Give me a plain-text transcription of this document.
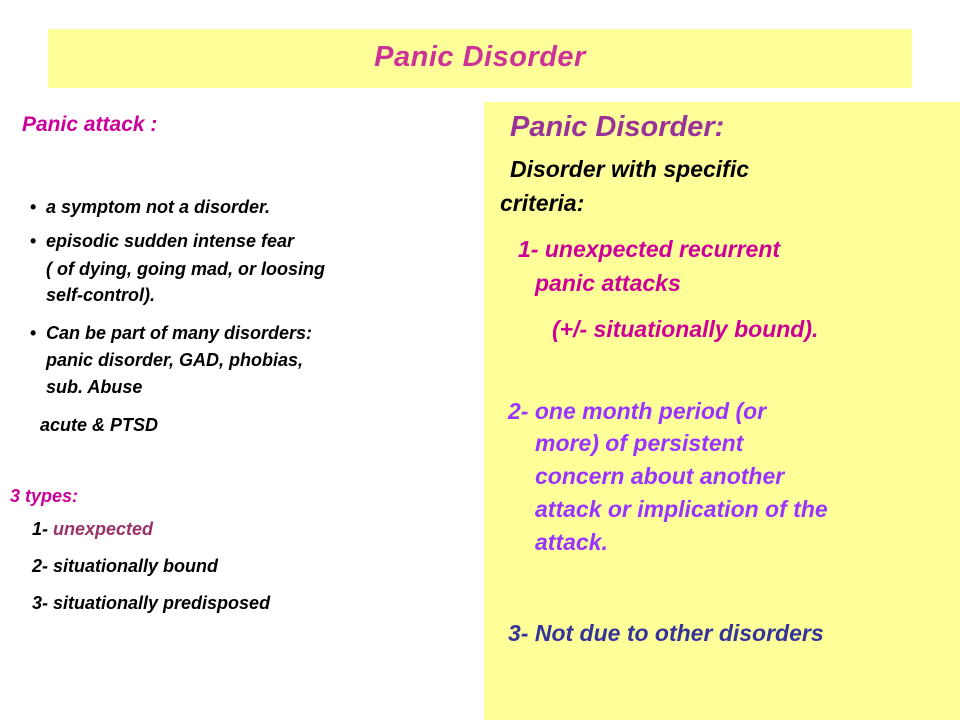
Panic Disorder
Panic attack :
• a symptom not a disorder.
• episodic sudden intense fear
( of dying, going mad, or loosing
self-control).
• Can be part of many disorders:
panic disorder, GAD, phobias,
sub. Abuse
acute & PTSD
3 types:
1- unexpected
2- situationally bound
3- situationally predisposed
Panic Disorder:
Disorder with specific
criteria:
1- unexpected recurrent
panic attacks
(+/- situationally bound).
2- one month period (or
more) of persistent
concern about another
attack or implication of the
attack.
3- Not due to other disorders
